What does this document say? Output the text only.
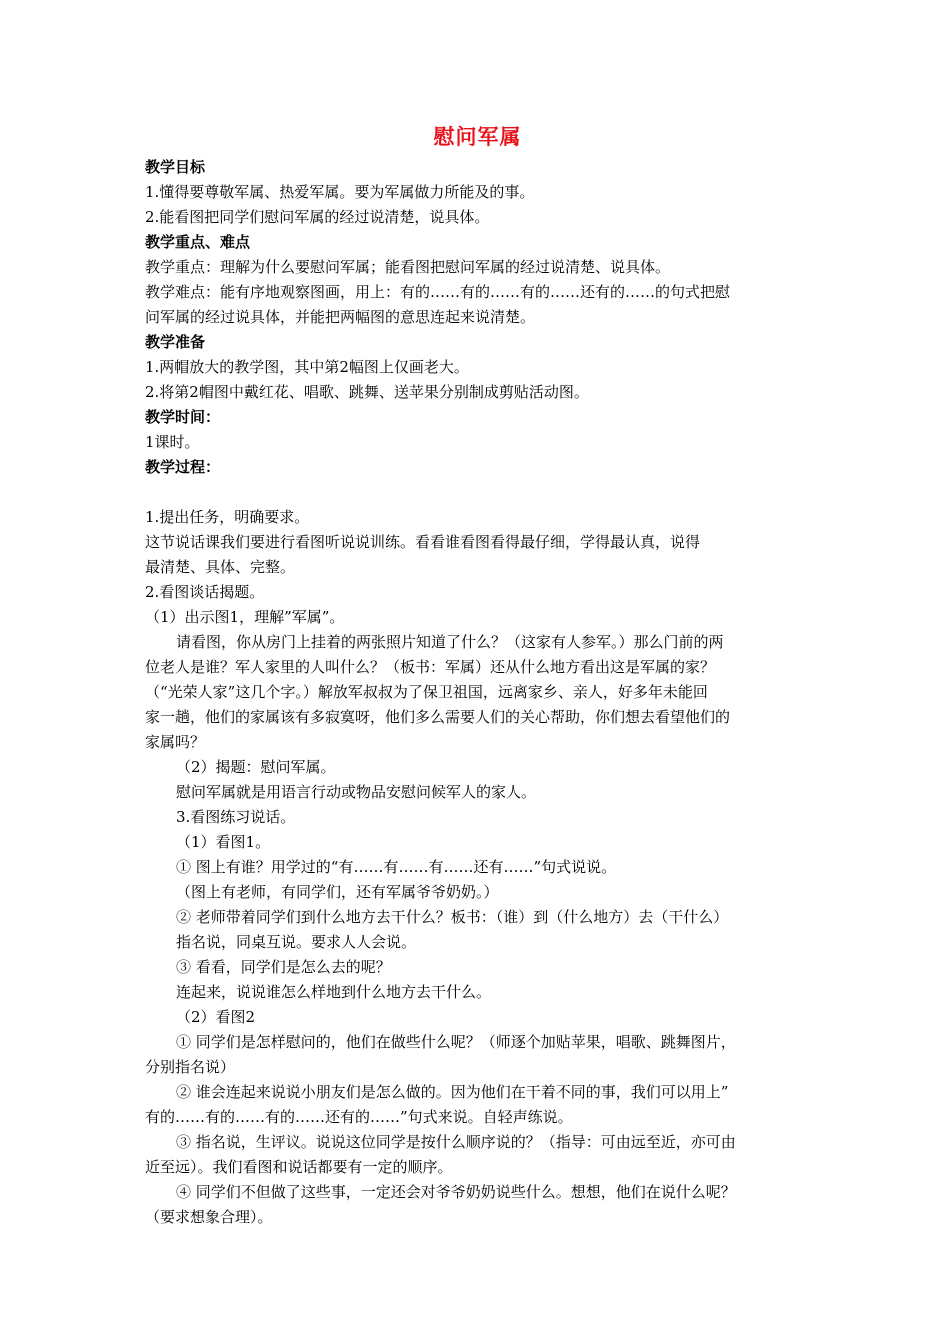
慰问军属
教学目标
1.懂得要尊敬军属、热爱军属。要为军属做力所能及的事。
2.能看图把同学们慰问军属的经过说清楚，说具体。
教学重点、难点
教学重点：理解为什么要慰问军属；能看图把慰问军属的经过说清楚、说具体。
教学难点：能有序地观察图画，用上：有的……有的……有的……还有的……的句式把慰
问军属的经过说具体，并能把两幅图的意思连起来说清楚。
教学准备
1.两帽放大的教学图，其中第2幅图上仅画老大。
2.将第2帽图中戴红花、唱歌、跳舞、送苹果分别制成剪贴活动图。
教学时间：
1课时。
教学过程：
1.提出任务，明确要求。
这节说话课我们要进行看图听说说训练。看看谁看图看得最仔细，学得最认真，说得
最清楚、具体、完整。
2.看图谈话揭题。
（1）出示图1，理解”军属”。
请看图，你从房门上挂着的两张照片知道了什么？（这家有人参军。）那么门前的两
位老人是谁？军人家里的人叫什么？（板书：军属）还从什么地方看出这是军属的家？
（“光荣人家”这几个字。）解放军叔叔为了保卫祖国，远离家乡、亲人，好多年未能回
家一趟，他们的家属该有多寂寞呀，他们多么需要人们的关心帮助，你们想去看望他们的
家属吗？
（2）揭题：慰问军属。
慰问军属就是用语言行动或物品安慰问候军人的家人。
3.看图练习说话。
（1）看图1。
① 图上有谁？用学过的“有……有……有……还有……”句式说说。
（图上有老师，有同学们，还有军属爷爷奶奶。）
② 老师带着同学们到什么地方去干什么？板书：（谁）到（什么地方）去（干什么）
指名说，同桌互说。要求人人会说。
③ 看看，同学们是怎么去的呢？
连起来，说说谁怎么样地到什么地方去干什么。
（2）看图2
① 同学们是怎样慰问的，他们在做些什么呢？（师逐个加贴苹果，唱歌、跳舞图片，
分别指名说）
② 谁会连起来说说小朋友们是怎么做的。因为他们在干着不同的事，我们可以用上”
有的……有的……有的……还有的……”句式来说。自轻声练说。
③ 指名说，生评议。说说这位同学是按什么顺序说的？（指导：可由远至近，亦可由
近至远）。我们看图和说话都要有一定的顺序。
④ 同学们不但做了这些事，一定还会对爷爷奶奶说些什么。想想，他们在说什么呢？
（要求想象合理）。
